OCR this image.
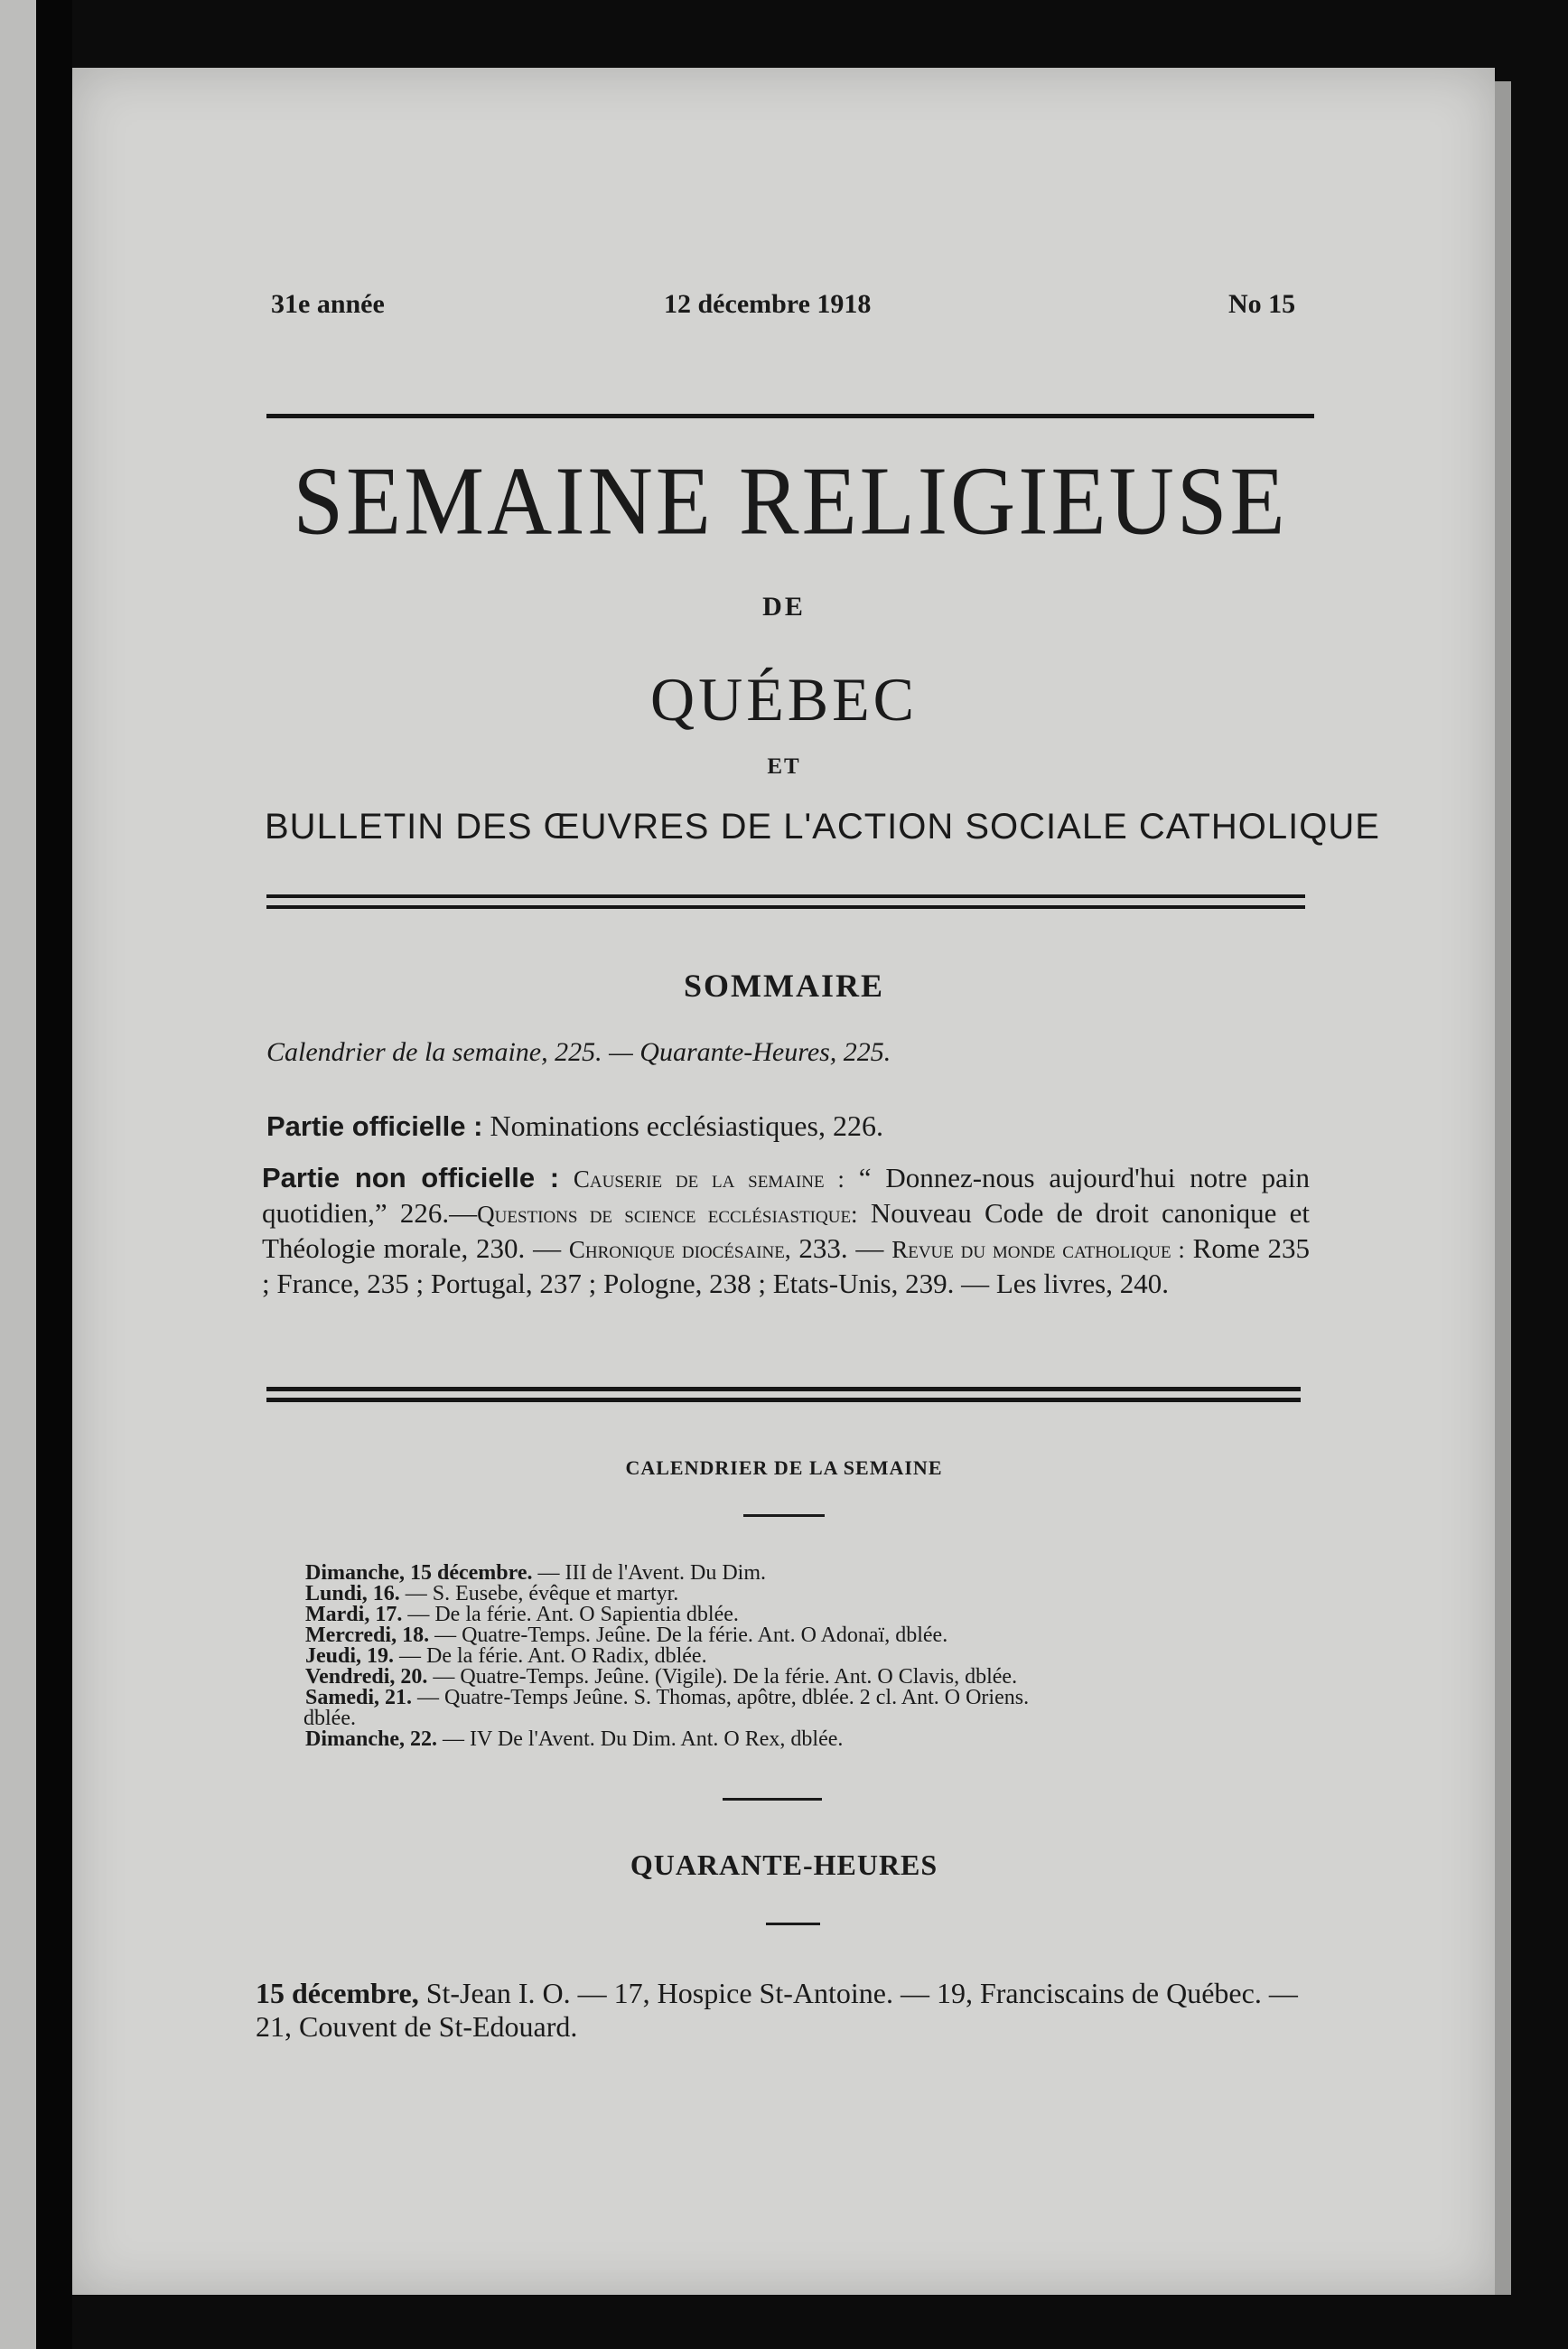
31e année	12 décembre 1918	No 15
SEMAINE RELIGIEUSE
DE
QUÉBEC
ET
BULLETIN DES ŒUVRES DE L'ACTION SOCIALE CATHOLIQUE
SOMMAIRE
Calendrier de la semaine, 225. — Quarante-Heures, 225.
Partie officielle : Nominations ecclésiastiques, 226.
Partie non officielle : Causerie de la semaine : “ Donnez-nous aujourd'hui notre pain quotidien,” 226.—Questions de science ecclésiastique: Nouveau Code de droit canonique et Théologie morale, 230. — Chronique diocésaine, 233. — Revue du monde catholique : Rome 235 ; France, 235 ; Portugal, 237 ; Pologne, 238 ; Etats-Unis, 239. — Les livres, 240.
CALENDRIER DE LA SEMAINE
Dimanche, 15 décembre. — III de l'Avent. Du Dim.
Lundi, 16. — S. Eusebe, évêque et martyr.
Mardi, 17. — De la férie. Ant. O Sapientia dblée.
Mercredi, 18. — Quatre-Temps. Jeûne. De la férie. Ant. O Adonaï, dblée.
Jeudi, 19. — De la férie. Ant. O Radix, dblée.
Vendredi, 20. — Quatre-Temps. Jeûne. (Vigile). De la férie. Ant. O Clavis, dblée.
Samedi, 21. — Quatre-Temps Jeûne. S. Thomas, apôtre, dblée. 2 cl. Ant. O Oriens.
dblée.
Dimanche, 22. — IV De l'Avent. Du Dim. Ant. O Rex, dblée.
QUARANTE-HEURES
15 décembre, St-Jean I. O. — 17, Hospice St-Antoine. — 19, Franciscains de Québec. — 21, Couvent de St-Edouard.
